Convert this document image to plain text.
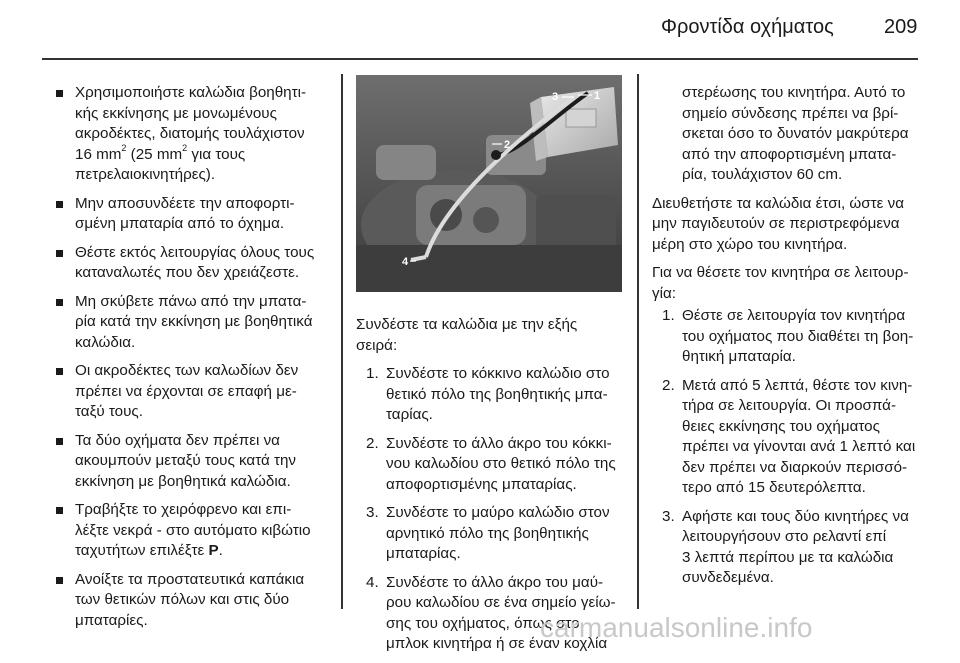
Φροντίδα οχήματος	209
Χρησιμοποιήστε καλώδια βοηθητι-
κής εκκίνησης με μονωμένους
ακροδέκτες, διατομής τουλάχιστον
16 $mm^2$ (25 $mm^2$ για τους
πετρελαιοκινητήρες).
Μην αποσυνδέετε την αποφορτι-
σμένη μπαταρία από το όχημα.
Θέστε εκτός λειτουργίας όλους τους
καταναλωτές που δεν χρειάζεστε.
Μη σκύβετε πάνω από την μπατα-
ρία κατά την εκκίνηση με βοηθητικά
καλώδια.
Οι ακροδέκτες των καλωδίων δεν
πρέπει να έρχονται σε επαφή με-
ταξύ τους.
Τα δύο οχήματα δεν πρέπει να
ακουμπούν μεταξύ τους κατά την
εκκίνηση με βοηθητικά καλώδια.
Τραβήξτε το χειρόφρενο και επι-
λέξτε νεκρά - στο αυτόματο κιβώτιο
ταχυτήτων επιλέξτε P.
Ανοίξτε τα προστατευτικά καπάκια
των θετικών πόλων και στις δύο
μπαταρίες.
1
2
3
4
Συνδέστε τα καλώδια με την εξής
σειρά:
1. Συνδέστε το κόκκινο καλώδιο στο
θετικό πόλο της βοηθητικής μπα-
ταρίας.
2. Συνδέστε το άλλο άκρο του κόκκι-
νου καλωδίου στο θετικό πόλο της
αποφορτισμένης μπαταρίας.
3. Συνδέστε το μαύρο καλώδιο στον
αρνητικό πόλο της βοηθητικής
μπαταρίας.
4. Συνδέστε το άλλο άκρο του μαύ-
ρου καλωδίου σε ένα σημείο γείω-
σης του οχήματος, όπως στο
μπλοκ κινητήρα ή σε έναν κοχλία
στερέωσης του κινητήρα. Αυτό το
σημείο σύνδεσης πρέπει να βρί-
σκεται όσο το δυνατόν μακρύτερα
από την αποφορτισμένη μπατα-
ρία, τουλάχιστον 60 cm.
Διευθετήστε τα καλώδια έτσι, ώστε να
μην παγιδευτούν σε περιστρεφόμενα
μέρη στο χώρο του κινητήρα.
Για να θέσετε τον κινητήρα σε λειτουρ-
γία:
1. Θέστε σε λειτουργία τον κινητήρα
του οχήματος που διαθέτει τη βοη-
θητική μπαταρία.
2. Μετά από 5 λεπτά, θέστε τον κινη-
τήρα σε λειτουργία. Οι προσπά-
θειες εκκίνησης του οχήματος
πρέπει να γίνονται ανά 1 λεπτό και
δεν πρέπει να διαρκούν περισσό-
τερο από 15 δευτερόλεπτα.
3. Αφήστε και τους δύο κινητήρες να
λειτουργήσουν στο ρελαντί επί
3 λεπτά περίπου με τα καλώδια
συνδεδεμένα.
carmanualsonline.info
